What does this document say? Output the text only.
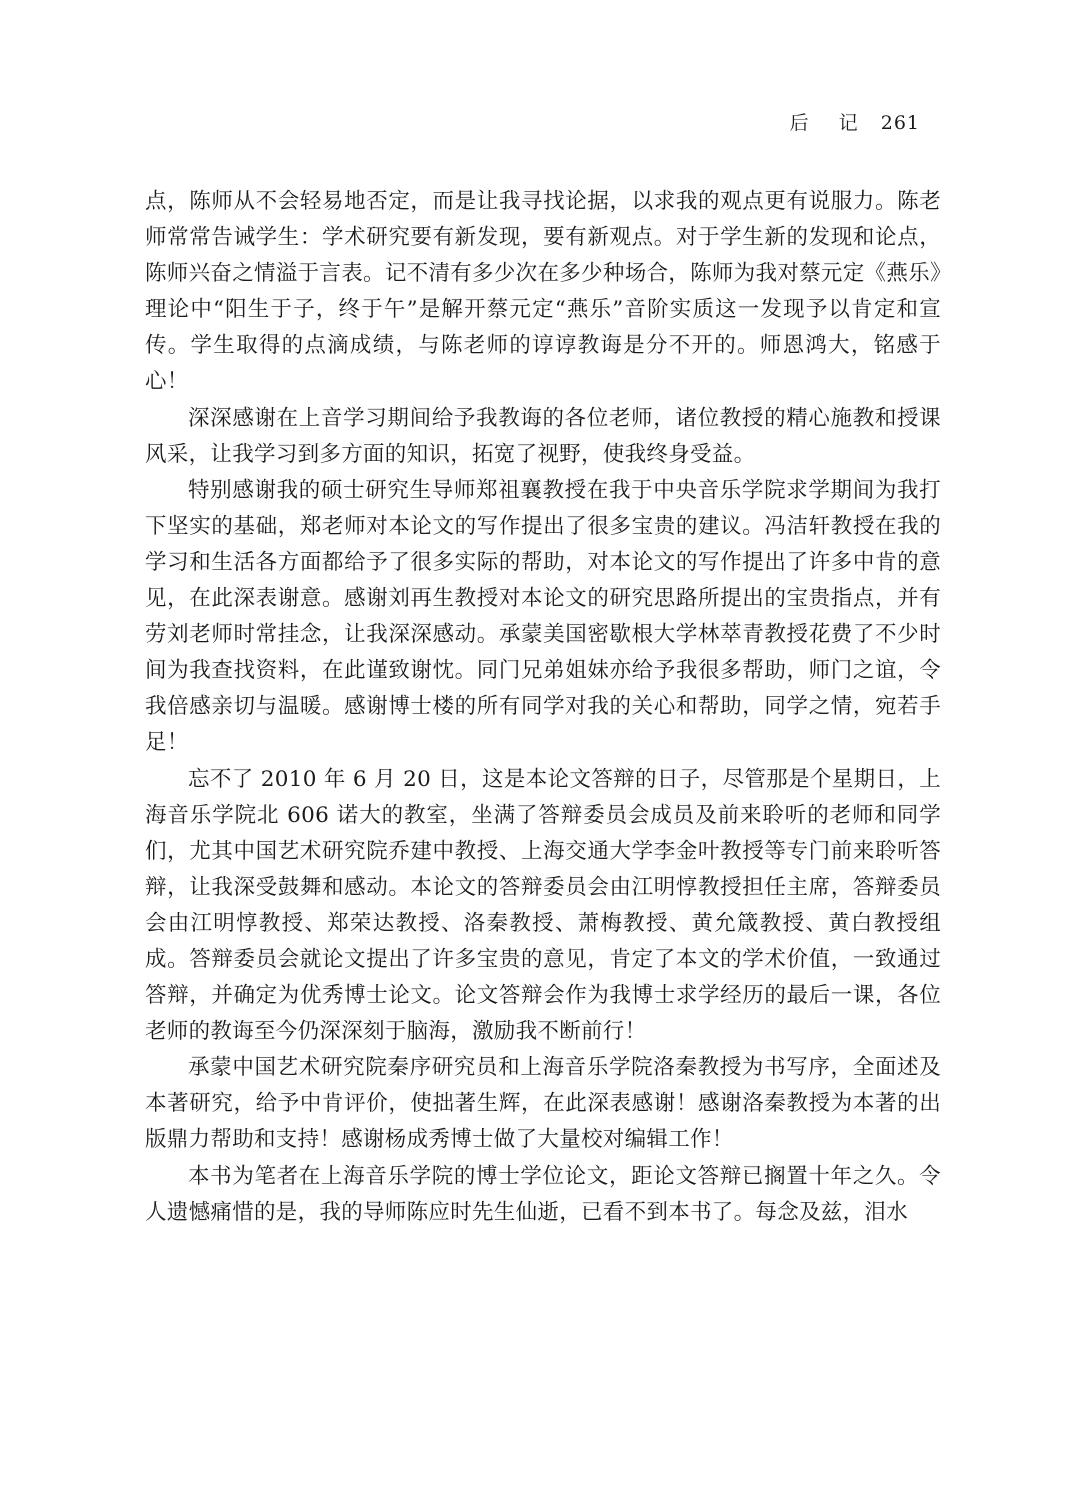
后 记 261

点，陈师从不会轻易地否定，而是让我寻找论据，以求我的观点更有说服力。陈老师常常告诫学生：学术研究要有新发现，要有新观点。对于学生新的发现和论点，陈师兴奋之情溢于言表。记不清有多少次在多少种场合，陈师为我对蔡元定《燕乐》理论中“阳生于子，终于午”是解开蔡元定“燕乐”音阶实质这一发现予以肯定和宣传。学生取得的点滴成绩，与陈老师的谆谆教诲是分不开的。师恩鸿大，铭感于心！

深深感谢在上音学习期间给予我教诲的各位老师，诸位教授的精心施教和授课风采，让我学习到多方面的知识，拓宽了视野，使我终身受益。

特别感谢我的硕士研究生导师郑祖襄教授在我于中央音乐学院求学期间为我打下坚实的基础，郑老师对本论文的写作提出了很多宝贵的建议。冯洁轩教授在我的学习和生活各方面都给予了很多实际的帮助，对本论文的写作提出了许多中肯的意见，在此深表谢意。感谢刘再生教授对本论文的研究思路所提出的宝贵指点，并有劳刘老师时常挂念，让我深深感动。承蒙美国密歇根大学林萃青教授花费了不少时间为我查找资料，在此谨致谢忱。同门兄弟姐妹亦给予我很多帮助，师门之谊，令我倍感亲切与温暖。感谢博士楼的所有同学对我的关心和帮助，同学之情，宛若手足！

忘不了 2010 年 6 月 20 日，这是本论文答辩的日子，尽管那是个星期日，上海音乐学院北 606 诺大的教室，坐满了答辩委员会成员及前来聆听的老师和同学们，尤其中国艺术研究院乔建中教授、上海交通大学李金叶教授等专门前来聆听答辩，让我深受鼓舞和感动。本论文的答辩委员会由江明惇教授担任主席，答辩委员会由江明惇教授、郑荣达教授、洛秦教授、萧梅教授、黄允箴教授、黄白教授组成。答辩委员会就论文提出了许多宝贵的意见，肯定了本文的学术价值，一致通过答辩，并确定为优秀博士论文。论文答辩会作为我博士求学经历的最后一课，各位老师的教诲至今仍深深刻于脑海，激励我不断前行！

承蒙中国艺术研究院秦序研究员和上海音乐学院洛秦教授为书写序，全面述及本著研究，给予中肯评价，使拙著生辉，在此深表感谢！感谢洛秦教授为本著的出版鼎力帮助和支持！感谢杨成秀博士做了大量校对编辑工作！

本书为笔者在上海音乐学院的博士学位论文，距论文答辩已搁置十年之久。令人遗憾痛惜的是，我的导师陈应时先生仙逝，已看不到本书了。每念及兹，泪水
